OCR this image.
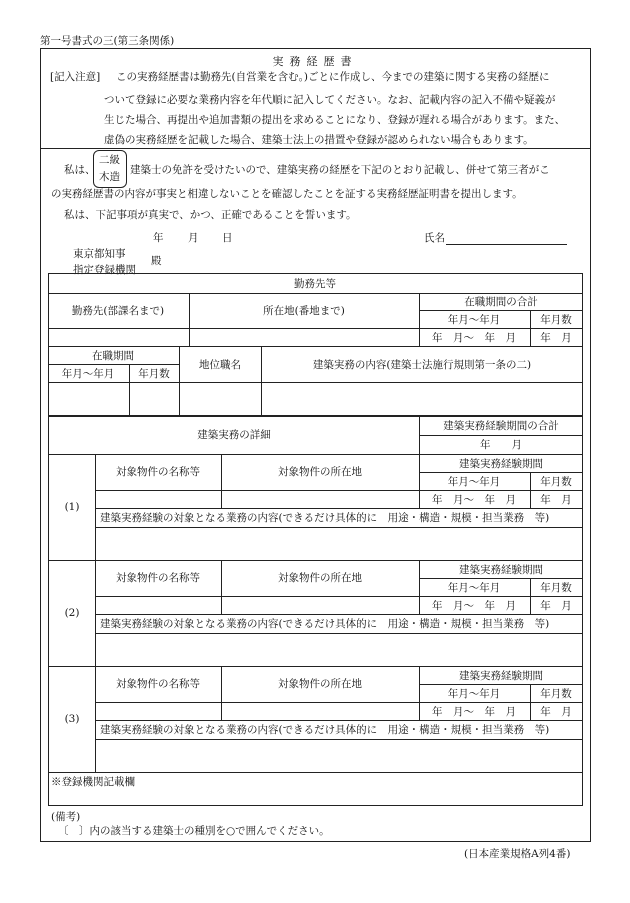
第一号書式の三(第三条関係)
実務経歴書
[記入注意] この実務経歴書は勤務先(自営業を含む。)ごとに作成し、今までの建築に関する実務の経歴に
ついて登録に必要な業務内容を年代順に記入してください。なお、記載内容の記入不備や疑義が
生じた場合、再提出や追加書類の提出を求めることになり、登録が遅れる場合があります。また、
虚偽の実務経歴を記載した場合、建築士法上の措置や登録が認められない場合もあります。
私は、
二級
木造
建築士の免許を受けたいので、建築実務の経歴を下記のとおり記載し、併せて第三者がこ
の実務経歴書の内容が事実と相違しないことを確認したことを証する実務経歴証明書を提出します。
私は、下記事項が真実で、かつ、正確であることを誓います。
年 月 日	氏名
東京都知事
指定登録機関
殿
勤務先等
勤務先(部課名まで)	所在地(番地まで)
在職期間の合計
年月〜年月	年月数
年　月〜　年　月 年　月
在職期間
年月〜年月 年月数
地位職名	建築実務の内容(建築士法施行規則第一条の二)
建築実務の詳細
建築実務経験期間の合計
年　　月
(1)
対象物件の名称等	対象物件の所在地
建築実務経験期間
年月〜年月	年月数
年　月〜　年　月 年　月
建築実務経験の対象となる業務の内容(できるだけ具体的に　用途・構造・規模・担当業務　等)
(2)
対象物件の名称等	対象物件の所在地
建築実務経験期間
年月〜年月	年月数
年　月〜　年　月 年　月
建築実務経験の対象となる業務の内容(できるだけ具体的に　用途・構造・規模・担当業務　等)
(3)
対象物件の名称等	対象物件の所在地
建築実務経験期間
年月〜年月	年月数
年　月〜　年　月 年　月
建築実務経験の対象となる業務の内容(できるだけ具体的に　用途・構造・規模・担当業務　等)
※登録機関記載欄
(備考)
〔　〕内の該当する建築士の種別を○で囲んでください。
(日本産業規格A列4番)
